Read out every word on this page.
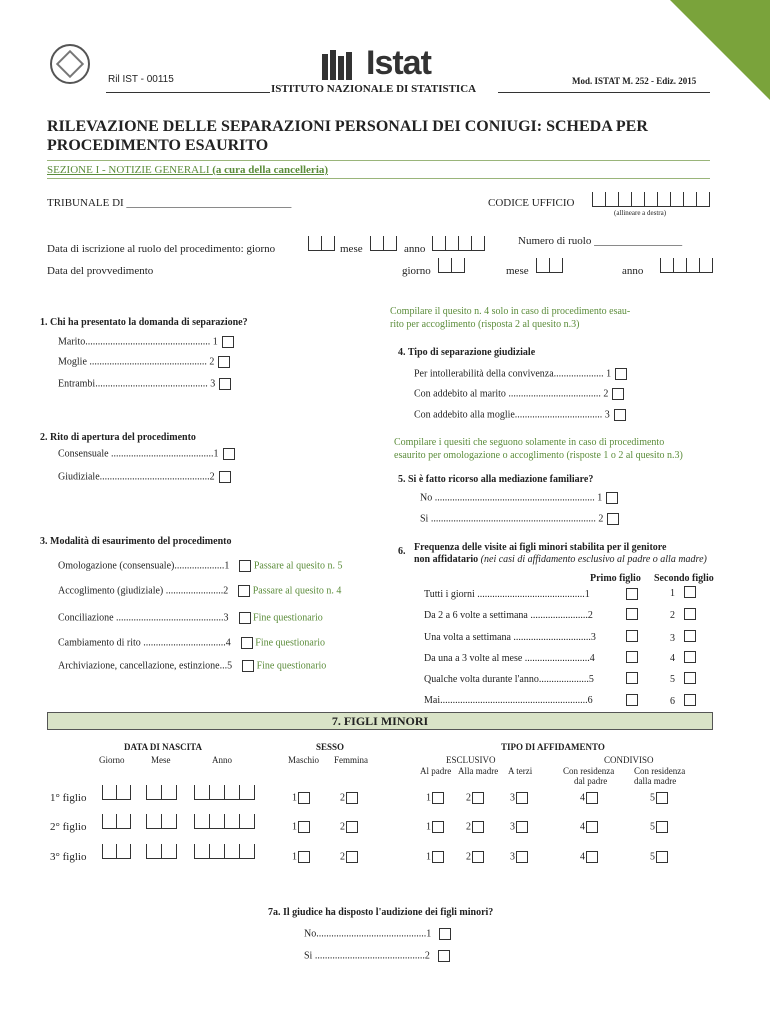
Ril IST - 00115	Istat
ISTITUTO NAZIONALE DI STATISTICA
Mod. ISTAT M. 252 - Ediz. 2015
RILEVAZIONE DELLE SEPARAZIONI PERSONALI DEI CONIUGI: SCHEDA PER
PROCEDIMENTO ESAURITO
SEZIONE I - NOTIZIE GENERALI (a cura della cancelleria)
TRIBUNALE DI ______________________________	CODICE UFFICIO
(allineare a destra)
Numero di ruolo ________________
Data di iscrizione al ruolo del procedimento: giorno	mese	anno
Data del provvedimento	giorno	mese	anno
1. Chi ha presentato la domanda di separazione?
Marito.................................................. 1
Moglie ............................................... 2
Entrambi............................................. 3
Compilare il quesito n. 4 solo in caso di procedimento esau-
rito per accoglimento (risposta 2 al quesito n.3)
4. Tipo di separazione giudiziale
Per intollerabilità della convivenza.................... 1
Con addebito al marito ..................................... 2
Con addebito alla moglie................................... 3
2. Rito di apertura del procedimento
Consensuale .........................................1
Giudiziale............................................2
Compilare i quesiti che seguono solamente in caso di procedimento
esaurito per omologazione o accoglimento (risposte 1 o 2 al quesito n.3)
5. Si è fatto ricorso alla mediazione familiare?
No ................................................................ 1
Si .................................................................. 2
3. Modalità di esaurimento del procedimento
Omologazione (consensuale)....................1 Passare al quesito n. 5
Accoglimento (giudiziale) .......................2 Passare al quesito n. 4
Conciliazione ...........................................3 Fine questionario
Cambiamento di rito .................................4 Fine questionario
Archiviazione, cancellazione, estinzione...5 Fine questionario
6. Frequenza delle visite ai figli minori stabilita per il genitore
non affidatario (nei casi di affidamento esclusivo al padre o alla madre)
Primo figlio Secondo figlio
Tutti i giorni ...........................................1	1
Da 2 a 6 volte a settimana .......................2	2
Una volta a settimana ...............................3	3
Da una a 3 volte al mese ..........................4	4
Qualche volta durante l'anno....................5	5
Mai...........................................................6	6
7. FIGLI MINORI
DATA DI NASCITA
Giorno	Mese	Anno
SESSO
Maschio Femmina
TIPO DI AFFIDAMENTO
ESCLUSIVO
Al padre Alla madre A terzi
CONDIVISO
Con residenza
dal padre
Con residenza
dalla madre
1° figlio	1	2	1	2	3	4	5
2° figlio	1	2	1	2	3	4	5
3° figlio	1	2	1	2	3	4	5
7a. Il giudice ha disposto l'audizione dei figli minori?
No............................................1
Si ............................................2
